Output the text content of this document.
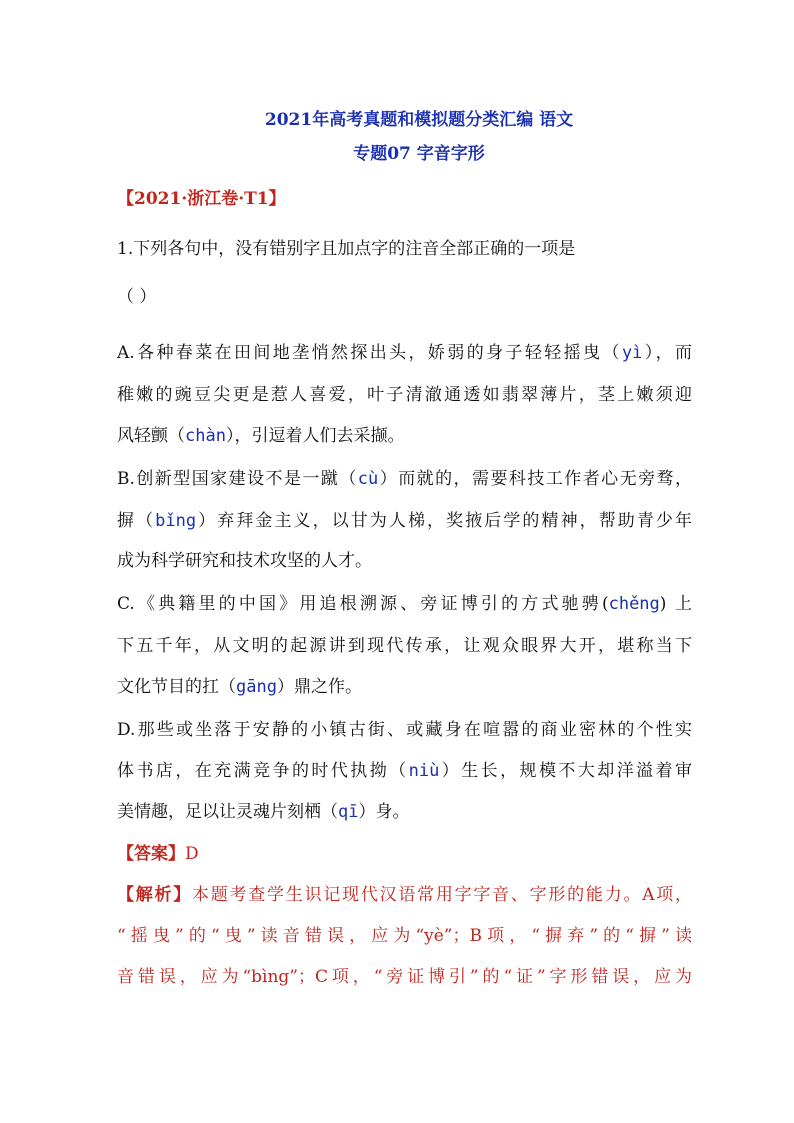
2021年高考真题和模拟题分类汇编 语文
专题07 字音字形
【2021·浙江卷·T1】
1.下列各句中，没有错别字且加点字的注音全部正确的一项是
（ ）
A.各种春菜在田间地垄悄然探出头，娇弱的身子轻轻摇曳（yì），而
稚嫩的豌豆尖更是惹人喜爱，叶子清澈通透如翡翠薄片，茎上嫩须迎
风轻颤（chàn），引逗着人们去采撷。
B.创新型国家建设不是一蹴（cù）而就的，需要科技工作者心无旁骛，
摒（bǐng）弃拜金主义，以甘为人梯，奖掖后学的精神，帮助青少年
成为科学研究和技术攻坚的人才。
C.《典籍里的中国》用追根溯源、旁证博引的方式驰骋(chěng) 上
下五千年，从文明的起源讲到现代传承，让观众眼界大开，堪称当下
文化节目的扛（gāng）鼎之作。
D.那些或坐落于安静的小镇古街、或藏身在喧嚣的商业密林的个性实
体书店，在充满竞争的时代执拗（niù）生长，规模不大却洋溢着审
美情趣，足以让灵魂片刻栖（qī）身。
【答案】D
【解析】本题考查学生识记现代汉语常用字字音、字形的能力。A项，
“摇曳”的“曳”读音错误，应为“yè”；B项，“摒弃”的“摒”读
音错误，应为“bìng”；C项，“旁证博引”的“证”字形错误，应为
